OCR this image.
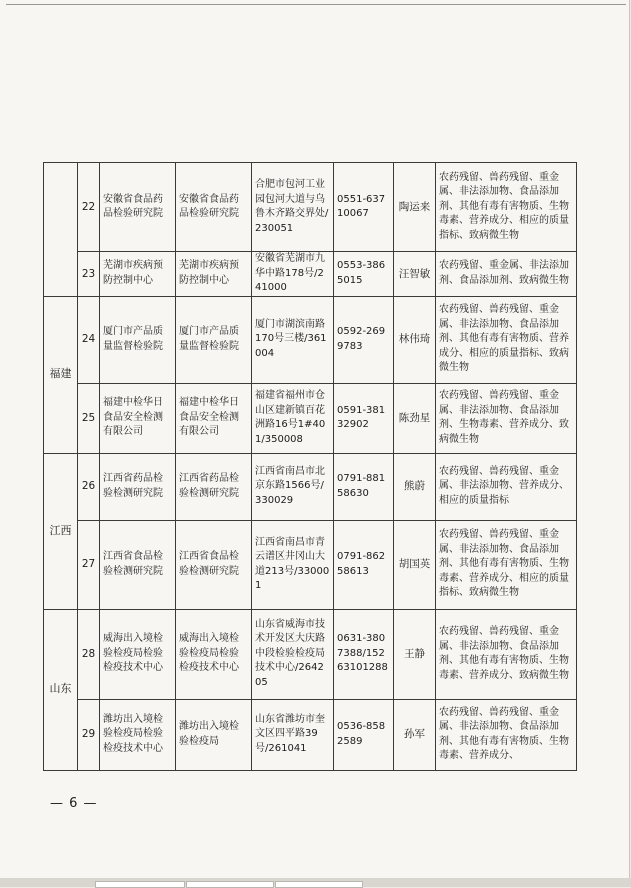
	22	安徽省食品药品检验研究院	安徽省食品药品检验研究院	合肥市包河工业园包河大道与乌鲁木齐路交界处/230051	0551-63710067	陶运来	农药残留、兽药残留、重金属、非法添加物、食品添加剂、其他有毒有害物质、生物毒素、营养成分、相应的质量指标、致病微生物
	23	芜湖市疾病预防控制中心	芜湖市疾病预防控制中心	安徽省芜湖市九华中路178号/241000	0553-3865015	汪智敏	农药残留、重金属、非法添加剂、食品添加剂、致病微生物
福建	24	厦门市产品质量监督检验院	厦门市产品质量监督检验院	厦门市湖滨南路170号三楼/361004	0592-2699783	林伟琦	农药残留、兽药残留、重金属、非法添加物、食品添加剂、其他有毒有害物质、营养成分、相应的质量指标、致病微生物
	25	福建中检华日食品安全检测有限公司	福建中检华日食品安全检测有限公司	福建省福州市仓山区建新镇百花洲路16号1#401/350008	0591-38132902	陈劲星	农药残留、兽药残留、重金属、非法添加物、食品添加剂、生物毒素、营养成分、致病微生物
江西	26	江西省药品检验检测研究院	江西省药品检验检测研究院	江西省南昌市北京东路1566号/330029	0791-88158630	熊蔚	农药残留、兽药残留、重金属、非法添加物、营养成分、相应的质量指标
	27	江西省食品检验检测研究院	江西省食品检验检测研究院	江西省南昌市青云谱区井冈山大道213号/330001	0791-86258613	胡国英	农药残留、兽药残留、重金属、非法添加物、食品添加剂、其他有毒有害物质、生物毒素、营养成分、相应的质量指标、致病微生物
山东	28	威海出入境检验检疫局检验检疫技术中心	威海出入境检验检疫局检验检疫技术中心	山东省威海市技术开发区大庆路中段检验检疫局技术中心/264205	0631-3807388/15263101288	王静	农药残留、兽药残留、重金属、非法添加物、食品添加剂、其他有毒有害物质、生物毒素、营养成分、致病微生物
	29	潍坊出入境检验检疫局检验检疫技术中心	潍坊出入境检验检疫局	山东省潍坊市奎文区四平路39号/261041	0536-8582589	孙军	农药残留、兽药残留、重金属、非法添加物、食品添加剂、其他有毒有害物质、生物毒素、营养成分、
— 6 —
